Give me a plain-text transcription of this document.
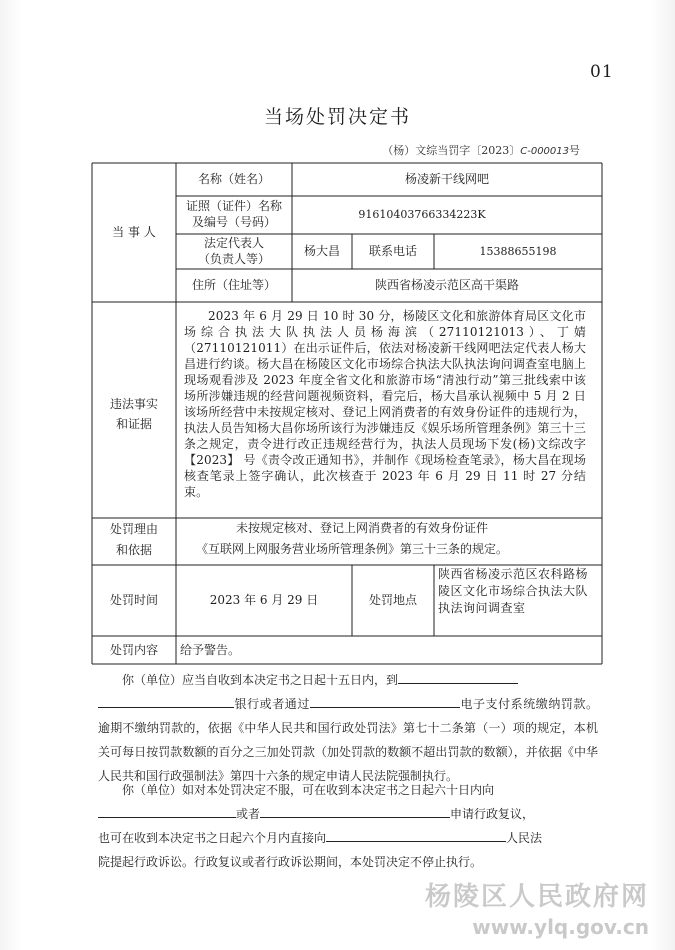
01
当场处罚决定书
（杨）文综当罚字〔2023〕C-000013号
当 事 人
名称（姓名）	杨凌新干线网吧
证照（证件）名称
及编号（号码）
91610403766334223K
法定代表人
（负责人等）
杨大昌	联系电话	15388655198
住所（住址等）	陕西省杨凌示范区高干渠路
违法事实
和证据
2023 年 6 月 29 日 10 时 30 分，杨陵区文化和旅游体育局区文化市场综合执法大队执法人员杨海滨（27110121013）、丁婧（27110121011）在出示证件后，依法对杨凌新干线网吧法定代表人杨大昌进行约谈。杨大昌在杨陵区文化市场综合执法大队执法询问调查室电脑上现场观看涉及 2023 年度全省文化和旅游市场“清浊行动”第三批线索中该场所涉嫌违规的经营问题视频资料，看完后，杨大昌承认视频中 5 月 2 日该场所经营中未按规定核对、登记上网消费者的有效身份证件的违规行为，执法人员告知杨大昌你场所该行为涉嫌违反《娱乐场所管理条例》第三十三条之规定，责令进行改正违规经营行为，执法人员现场下发(杨)文综改字【2023】 号《责令改正通知书》，并制作《现场检查笔录》，杨大昌在现场核查笔录上签字确认，此次核查于 2023 年 6 月 29 日 11 时 27 分结束。
处罚理由
和依据
未按规定核对、登记上网消费者的有效身份证件
《互联网上网服务营业场所管理条例》第三十三条的规定。
处罚时间	2023 年 6 月 29 日	处罚地点
陕西省杨凌示范区农科路杨陵区文化市场综合执法大队执法询问调查室
处罚内容	给予警告。
你（单位）应当自收到本决定书之日起十五日内，到
银行或者通过	电子支付系统缴纳罚款。逾期不缴纳罚款的，依据《中华人民共和国行政处罚法》第七十二条第（一）项的规定，本机关可每日按罚款数额的百分之三加处罚款（加处罚款的数额不超出罚款的数额），并依据《中华人民共和国行政强制法》第四十六条的规定申请人民法院强制执行。
你（单位）如对本处罚决定不服，可在收到本决定书之日起六十日内向
或者	申请行政复议，
也可在收到本决定书之日起六个月内直接向	人民法
院提起行政诉讼。行政复议或者行政诉讼期间，本处罚决定不停止执行。
杨陵区人民政府网
www.ylq.gov.cn
